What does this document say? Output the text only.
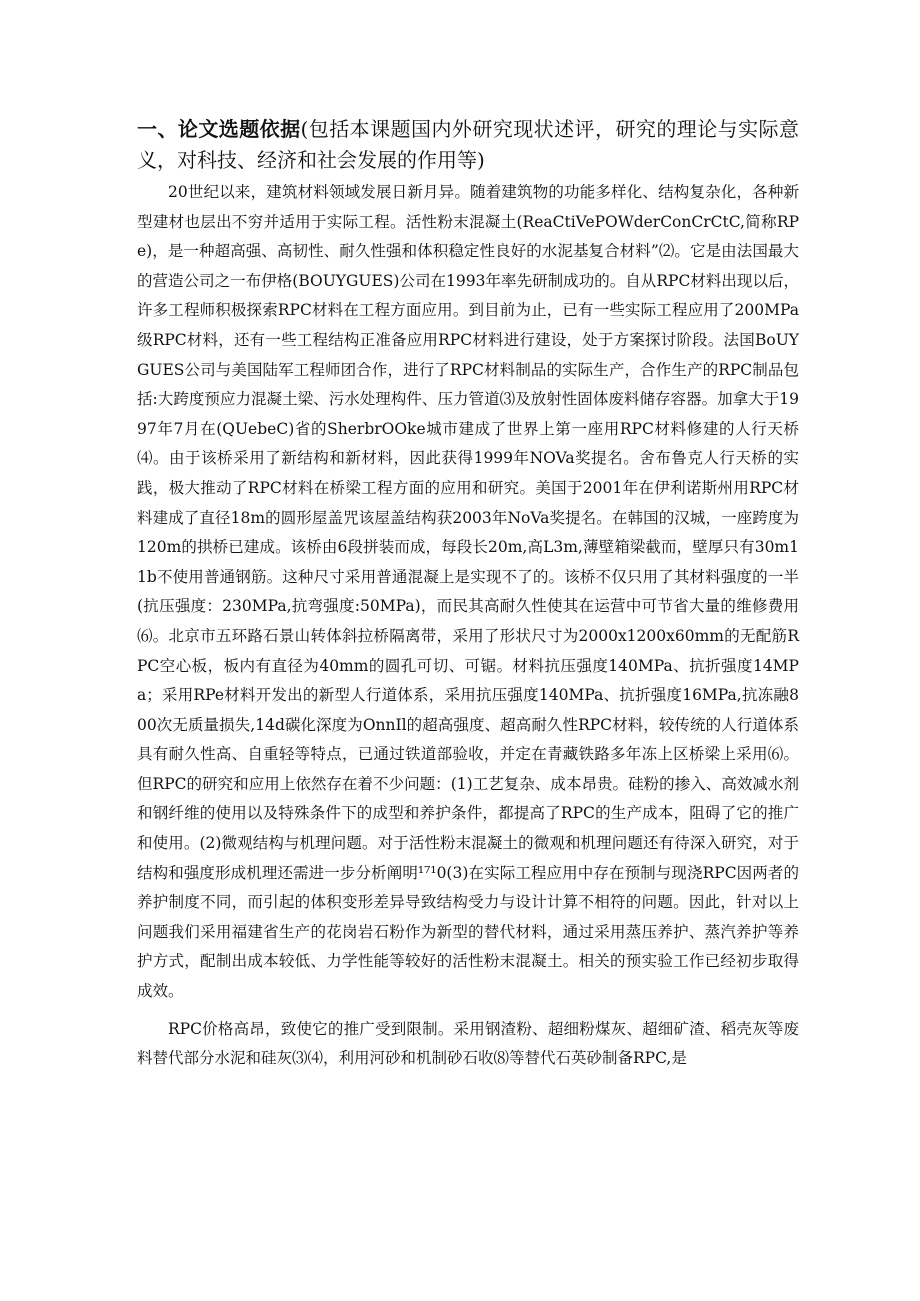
一、论文选题依据(包括本课题国内外研究现状述评，研究的理论与实际意义，对科技、经济和社会发展的作用等)

20世纪以来，建筑材料领域发展日新月异。随着建筑物的功能多样化、结构复杂化，各种新型建材也层出不穷并适用于实际工程。活性粉末混凝土(ReaCtiVePOWderConCrCtC,简称RPe)，是一种超高强、高韧性、耐久性强和体积稳定性良好的水泥基复合材料”⑵。它是由法国最大的营造公司之一布伊格(BOUYGUES)公司在1993年率先研制成功的。自从RPC材料出现以后，许多工程师积极探索RPC材料在工程方面应用。到目前为止，已有一些实际工程应用了200MPa级RPC材料，还有一些工程结构正准备应用RPC材料进行建设，处于方案探讨阶段。法国BoUYGUES公司与美国陆军工程师团合作，进行了RPC材料制品的实际生产，合作生产的RPC制品包括:大跨度预应力混凝土梁、污水处理构件、压力管道⑶及放射性固体废料储存容器。加拿大于1997年7月在(QUebeC)省的SherbrOOke城市建成了世界上第一座用RPC材料修建的人行天桥⑷。由于该桥采用了新结构和新材料，因此获得1999年NOVa奖提名。舍布鲁克人行天桥的实践，极大推动了RPC材料在桥梁工程方面的应用和研究。美国于2001年在伊利诺斯州用RPC材料建成了直径18m的圆形屋盖咒该屋盖结构获2003年NoVa奖提名。在韩国的汉城，一座跨度为120m的拱桥已建成。该桥由6段拼装而成，每段长20m,高L3m,薄壁箱梁截而，壁厚只有30m11b不使用普通钢筋。这种尺寸采用普通混凝上是实现不了的。该桥不仅只用了其材料强度的一半(抗压强度：230MPa,抗弯强度:50MPa)，而民其高耐久性使其在运营中可节省大量的维修费用⑹。北京市五环路石景山转体斜拉桥隔离带，采用了形状尺寸为2000x1200x60mm的无配筋RPC空心板，板内有直径为40mm的圆孔可切、可锯。材料抗压强度140MPa、抗折强度14MPa；采用RPe材料开发出的新型人行道体系，采用抗压强度140MPa、抗折强度16MPa,抗冻融800次无质量损失,14d碳化深度为OnnIl的超高强度、超高耐久性RPC材料，较传统的人行道体系具有耐久性高、自重轻等特点，已通过铁道部验收，并定在青藏铁路多年冻上区桥梁上采用⑹。但RPC的研究和应用上依然存在着不少问题：(1)工艺复杂、成本昂贵。硅粉的掺入、高效减水剂和钢纤维的使用以及特殊条件下的成型和养护条件，都提高了RPC的生产成本，阻碍了它的推广和使用。(2)微观结构与机理问题。对于活性粉末混凝土的微观和机理问题还有待深入研究，对于结构和强度形成机理还需进一步分析阐明¹⁷¹0(3)在实际工程应用中存在预制与现浇RPC因两者的养护制度不同，而引起的体积变形差异导致结构受力与设计计算不相符的问题。因此，针对以上问题我们采用福建省生产的花岗岩石粉作为新型的替代材料，通过采用蒸压养护、蒸汽养护等养护方式，配制出成本较低、力学性能等较好的活性粉末混凝土。相关的预实验工作已经初步取得成效。

RPC价格高昂，致使它的推广受到限制。采用钢渣粉、超细粉煤灰、超细矿渣、稻壳灰等废料替代部分水泥和硅灰⑶⑷，利用河砂和机制砂石收⑻等替代石英砂制备RPC,是
